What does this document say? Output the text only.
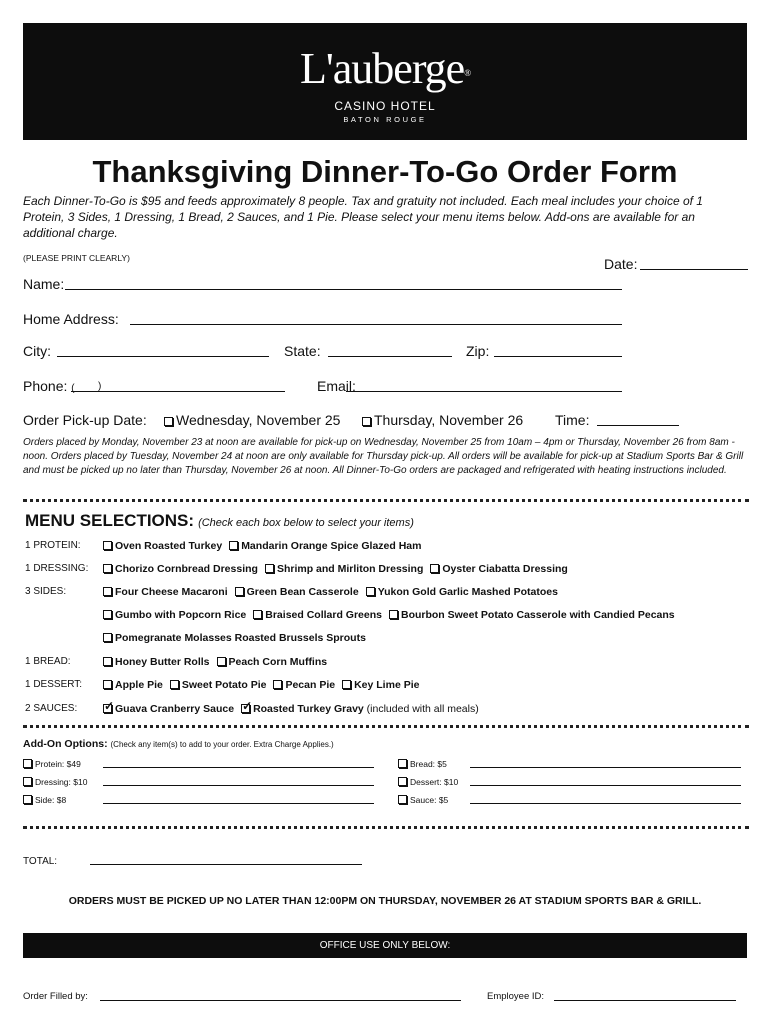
L'auberge®
CASINO HOTEL
BATON ROUGE
Thanksgiving Dinner-To-Go Order Form
Each Dinner-To-Go is $95 and feeds approximately 8 people. Tax and gratuity not included. Each meal includes your choice of 1 Protein, 3 Sides, 1 Dressing, 1 Bread, 2 Sauces, and 1 Pie. Please select your menu items below. Add-ons are available for an additional charge.
(PLEASE PRINT CLEARLY)	Date:
Name:
Home Address:
City:	State:	Zip:
Phone: ( )	Email:
Order Pick-up Date:	Wednesday, November 25	Thursday, November 26 Time:
Orders placed by Monday, November 23 at noon are available for pick-up on Wednesday, November 25 from 10am – 4pm or Thursday, November 26 from 8am - noon. Orders placed by Tuesday, November 24 at noon are only available for Thursday pick-up. All orders will be available for pick-up at Stadium Sports Bar & Grill and must be picked up no later than Thursday, November 26 at noon. All Dinner-To-Go orders are packaged and refrigerated with heating instructions included.
MENU SELECTIONS: (Check each box below to select your items)
1 PROTEIN:	Oven Roasted Turkey Mandarin Orange Spice Glazed Ham
1 DRESSING:	Chorizo Cornbread Dressing Shrimp and Mirliton Dressing Oyster Ciabatta Dressing
3 SIDES:	Four Cheese Macaroni Green Bean Casserole Yukon Gold Garlic Mashed Potatoes
Gumbo with Popcorn Rice Braised Collard Greens Bourbon Sweet Potato Casserole with Candied Pecans
Pomegranate Molasses Roasted Brussels Sprouts
1 BREAD:	Honey Butter Rolls Peach Corn Muffins
1 DESSERT:	Apple Pie Sweet Potato Pie Pecan Pie Key Lime Pie
2 SAUCES: ✓	Guava Cranberry Sauce ✓ Roasted Turkey Gravy (included with all meals)
Add-On Options: (Check any item(s) to add to your order. Extra Charge Applies.)
Protein: $49
Dressing: $10
Side: $8
Bread: $5
Dessert: $10
Sauce: $5
TOTAL:
ORDERS MUST BE PICKED UP NO LATER THAN 12:00PM ON THURSDAY, NOVEMBER 26 AT STADIUM SPORTS BAR & GRILL.
OFFICE USE ONLY BELOW:
Order Filled by:	Employee ID:
